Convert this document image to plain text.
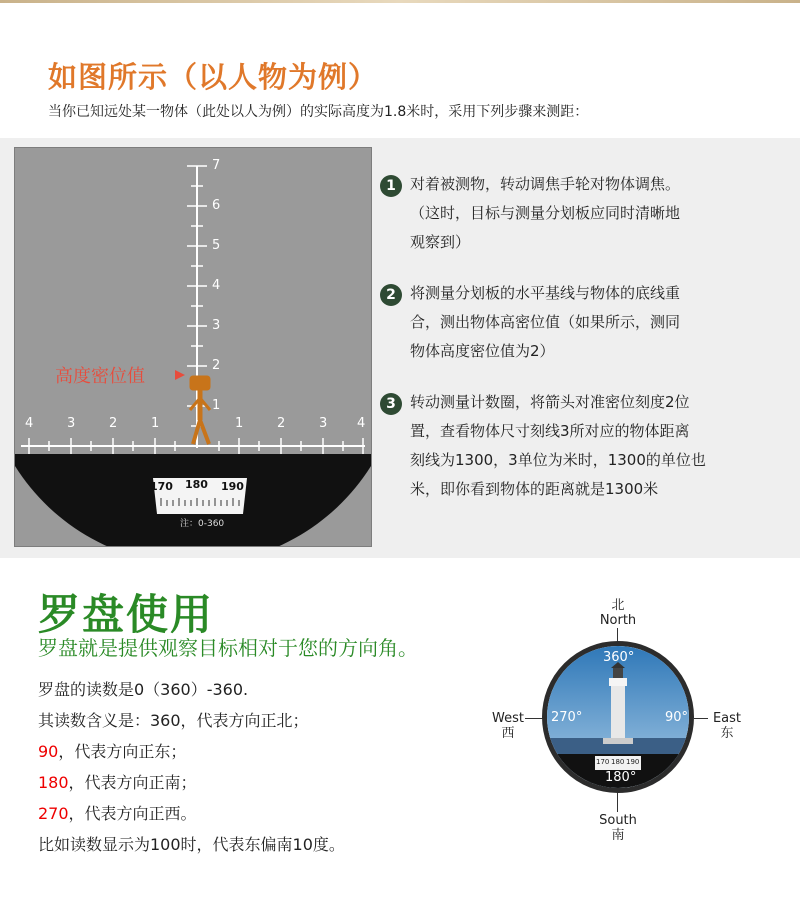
如图所示（以人物为例）

当你已知远处某一物体（此处以人为例）的实际高度为1.8米时，采用下列步骤来测距：

7
6
5
4
3
2
1
4	3	2	1	1	2	3 4
170 180 190
注：0-360

高度密位值

1 对着被测物，转动调焦手轮对物体调焦。

（这时，目标与测量分划板应同时清晰地

观察到）

2 将测量分划板的水平基线与物体的底线重

合，测出物体高密位值（如果所示，测同

物体高度密位值为2）

3 转动测量计数圈，将箭头对准密位刻度2位

置，查看物体尺寸刻线3所对应的物体距离

刻线为1300，3单位为米时，1300的单位也

米，即你看到物体的距离就是1300米

罗盘使用

罗盘就是提供观察目标相对于您的方向角。

罗盘的读数是0（360）-360.
其读数含义是：360，代表方向正北；
90，代表方向正东；
180，代表方向正南；
270，代表方向正西。
比如读数显示为100时，代表东偏南10度。
北
North
South
南
West
西
East
东
360°
270°	90°
180°
170 180 190
